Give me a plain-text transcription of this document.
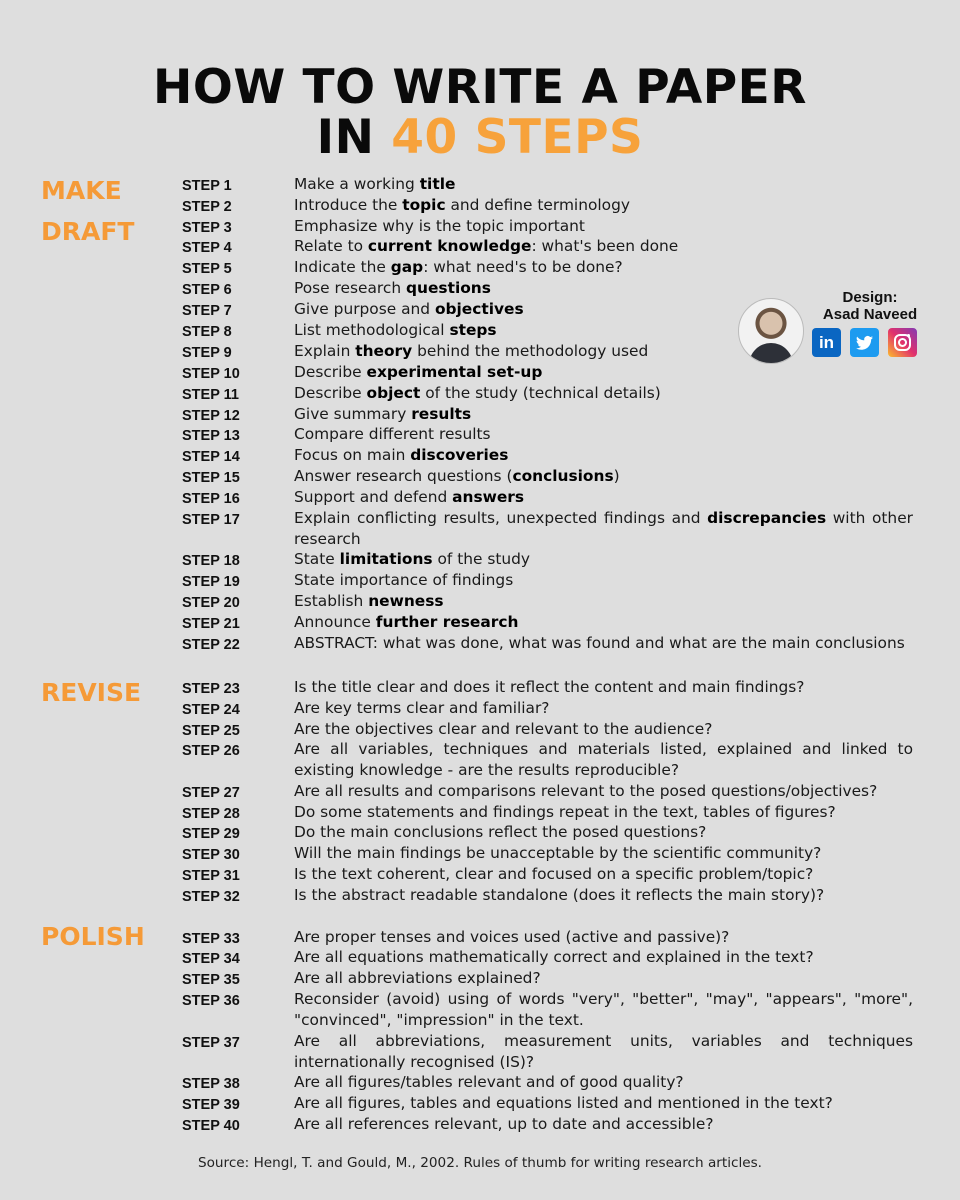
HOW TO WRITE A PAPER
IN 40 STEPS
MAKE
DRAFT
REVISE
POLISH
STEP 1	Make a working title
STEP 2	Introduce the topic and define terminology
STEP 3	Emphasize why is the topic important
STEP 4	Relate to current knowledge: what's been done
STEP 5	Indicate the gap: what need's to be done?
STEP 6	Pose research questions
STEP 7	Give purpose and objectives
STEP 8	List methodological steps
STEP 9	Explain theory behind the methodology used
STEP 10	Describe experimental set-up
STEP 11	Describe object of the study (technical details)
STEP 12	Give summary results
STEP 13	Compare different results
STEP 14	Focus on main discoveries
STEP 15	Answer research questions (conclusions)
STEP 16	Support and defend answers
STEP 17	Explain conflicting results, unexpected findings and discrepancies with other research
STEP 18	State limitations of the study
STEP 19	State importance of findings
STEP 20	Establish newness
STEP 21	Announce further research
STEP 22	ABSTRACT: what was done, what was found and what are the main conclusions
STEP 23	Is the title clear and does it reflect the content and main findings?
STEP 24	Are key terms clear and familiar?
STEP 25	Are the objectives clear and relevant to the audience?
STEP 26	Are all variables, techniques and materials listed, explained and linked to existing knowledge - are the results reproducible?
STEP 27	Are all results and comparisons relevant to the posed questions/objectives?
STEP 28	Do some statements and findings repeat in the text, tables of figures?
STEP 29	Do the main conclusions reflect the posed questions?
STEP 30	Will the main findings be unacceptable by the scientific community?
STEP 31	Is the text coherent, clear and focused on a specific problem/topic?
STEP 32	Is the abstract readable standalone (does it reflects the main story)?
STEP 33	Are proper tenses and voices used (active and passive)?
STEP 34	Are all equations mathematically correct and explained in the text?
STEP 35	Are all abbreviations explained?
STEP 36	Reconsider (avoid) using of words "very", "better", "may", "appears", "more", "convinced", "impression" in the text.
STEP 37	Are all abbreviations, measurement units, variables and techniques internationally recognised (IS)?
STEP 38	Are all figures/tables relevant and of good quality?
STEP 39	Are all figures, tables and equations listed and mentioned in the text?
STEP 40	Are all references relevant, up to date and accessible?
Design:
Asad Naveed
in
Source: Hengl, T. and Gould, M., 2002. Rules of thumb for writing research articles.
